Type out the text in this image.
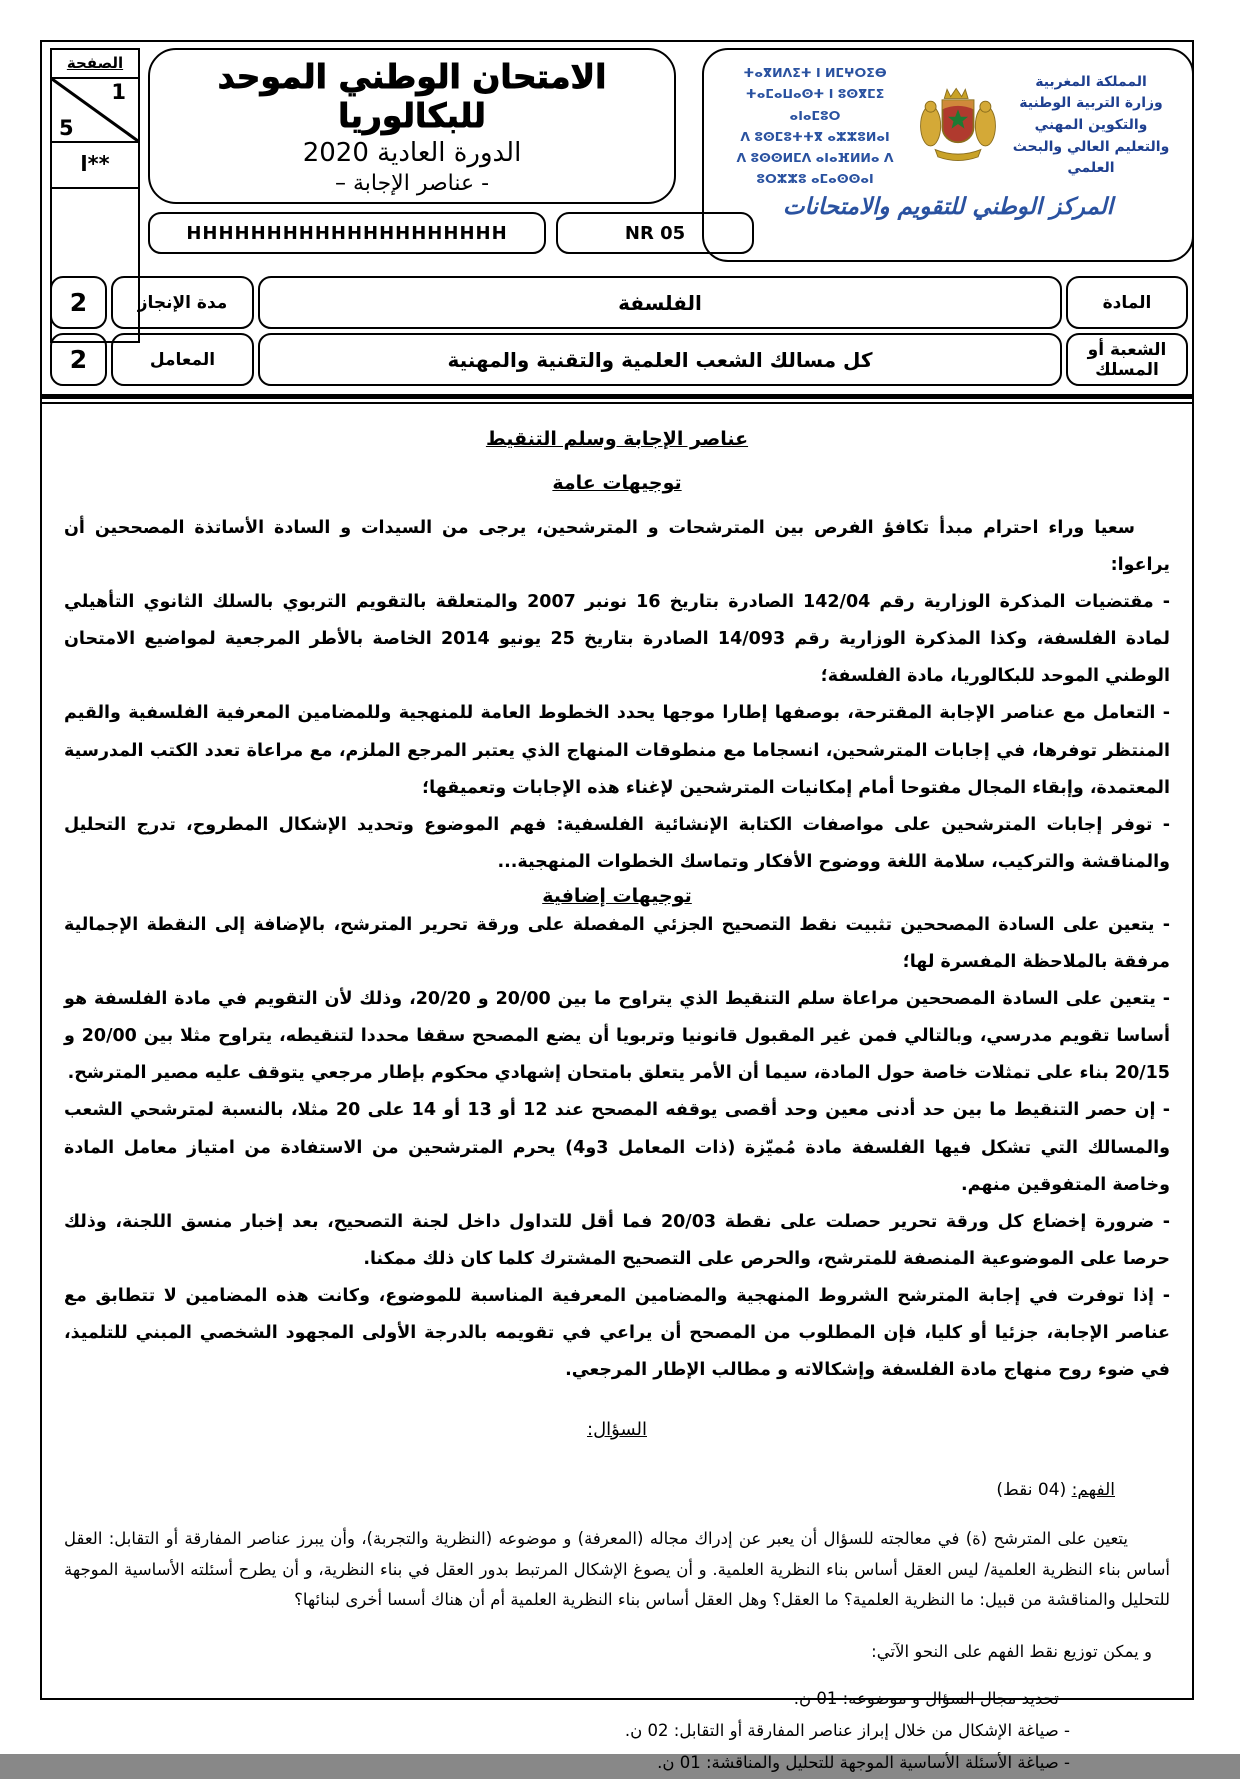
الصفحة
1
5
ا**
الامتحان الوطني الموحد للبكالوريا
الدورة العادية 2020
- عناصر الإجابة –
HHHHHHHHHHHHHHHHHHHH	NR 05
المملكة المغربية
وزارة التربية الوطنية
والتكوين المهني
والتعليم العالي والبحث العلمي
ⵜⴰⴳⵍⴷⵉⵜ ⵏ ⵍⵎⵖⵔⵉⴱ
ⵜⴰⵎⴰⵡⴰⵙⵜ ⵏ ⵓⵙⴳⵎⵉ ⴰⵏⴰⵎⵓⵔ
ⴷ ⵓⵙⵎⵓⵜⵜⴳ ⴰⵣⵣⵓⵍⴰⵏ
ⴷ ⵓⵙⵙⵍⵎⴷ ⴰⵏⴰⴼⵍⵍⴰ ⴷ ⵓⵔⵣⵣⵓ ⴰⵎⴰⵙⵙⴰⵏ
المركز الوطني للتقويم والامتحانات
2	مدة الإنجاز	الفلسفة	المادة
2	المعامل	كل مسالك الشعب العلمية والتقنية والمهنية	الشعبة أو المسلك
عناصر الإجابة وسلم التنقيط
توجيهات عامة

سعيا وراء احترام مبدأ تكافؤ الفرص بين المترشحات و المترشحين، يرجى من السيدات و السادة الأساتذة المصححين أن يراعوا:

- مقتضيات المذكرة الوزارية رقم 142/04 الصادرة بتاريخ 16 نونبر 2007 والمتعلقة بالتقويم التربوي بالسلك الثانوي التأهيلي لمادة الفلسفة، وكذا المذكرة الوزارية رقم 14/093 الصادرة بتاريخ 25 يونيو 2014 الخاصة بالأطر المرجعية لمواضيع الامتحان الوطني الموحد للبكالوريا، مادة الفلسفة؛

- التعامل مع عناصر الإجابة المقترحة، بوصفها إطارا موجها يحدد الخطوط العامة للمنهجية وللمضامين المعرفية الفلسفية والقيم المنتظر توفرها، في إجابات المترشحين، انسجاما مع منطوقات المنهاج الذي يعتبر المرجع الملزم، مع مراعاة تعدد الكتب المدرسية المعتمدة، وإبقاء المجال مفتوحا أمام إمكانيات المترشحين لإغناء هذه الإجابات وتعميقها؛

- توفر إجابات المترشحين على مواصفات الكتابة الإنشائية الفلسفية: فهم الموضوع وتحديد الإشكال المطروح، تدرج التحليل والمناقشة والتركيب، سلامة اللغة ووضوح الأفكار وتماسك الخطوات المنهجية...

توجيهات إضافية

- يتعين على السادة المصححين تثبيت نقط التصحيح الجزئي المفصلة على ورقة تحرير المترشح، بالإضافة إلى النقطة الإجمالية مرفقة بالملاحظة المفسرة لها؛

- يتعين على السادة المصححين مراعاة سلم التنقيط الذي يتراوح ما بين 20/00 و 20/20، وذلك لأن التقويم في مادة الفلسفة هو أساسا تقويم مدرسي، وبالتالي فمن غير المقبول قانونيا وتربويا أن يضع المصحح سقفا محددا لتنقيطه، يتراوح مثلا بين 20/00 و 20/15 بناء على تمثلات خاصة حول المادة، سيما أن الأمر يتعلق بامتحان إشهادي محكوم بإطار مرجعي يتوقف عليه مصير المترشح.

- إن حصر التنقيط ما بين حد أدنى معين وحد أقصى يوقفه المصحح عند 12 أو 13 أو 14 على 20 مثلا، بالنسبة لمترشحي الشعب والمسالك التي تشكل فيها الفلسفة مادة مُميّزة (ذات المعامل 3و4) يحرم المترشحين من الاستفادة من امتياز معامل المادة وخاصة المتفوقين منهم.

- ضرورة إخضاع كل ورقة تحرير حصلت على نقطة 20/03 فما أقل للتداول داخل لجنة التصحيح، بعد إخبار منسق اللجنة، وذلك حرصا على الموضوعية المنصفة للمترشح، والحرص على التصحيح المشترك كلما كان ذلك ممكنا.

- إذا توفرت في إجابة المترشح الشروط المنهجية والمضامين المعرفية المناسبة للموضوع، وكانت هذه المضامين لا تتطابق مع عناصر الإجابة، جزئيا أو كليا، فإن المطلوب من المصحح أن يراعي في تقويمه بالدرجة الأولى المجهود الشخصي المبني للتلميذ، في ضوء روح منهاج مادة الفلسفة وإشكالاته و مطالب الإطار المرجعي.

السؤال:
الفهم: (04 نقط)

يتعين على المترشح (ة) في معالجته للسؤال أن يعبر عن إدراك مجاله (المعرفة) و موضوعه (النظرية والتجربة)، وأن يبرز عناصر المفارقة أو التقابل: العقل أساس بناء النظرية العلمية/ ليس العقل أساس بناء النظرية العلمية. و أن يصوغ الإشكال المرتبط بدور العقل في بناء النظرية، و أن يطرح أسئلته الأساسية الموجهة للتحليل والمناقشة من قبيل: ما النظرية العلمية؟ ما العقل؟ وهل العقل أساس بناء النظرية العلمية أم أن هناك أسسا أخرى لبنائها؟

و يمكن توزيع نقط الفهم على النحو الآتي:
- تحديد مجال السؤال و موضوعه: 01 ن.
- صياغة الإشكال من خلال إبراز عناصر المفارقة أو التقابل: 02 ن.
- صياغة الأسئلة الأساسية الموجهة للتحليل والمناقشة: 01 ن.
